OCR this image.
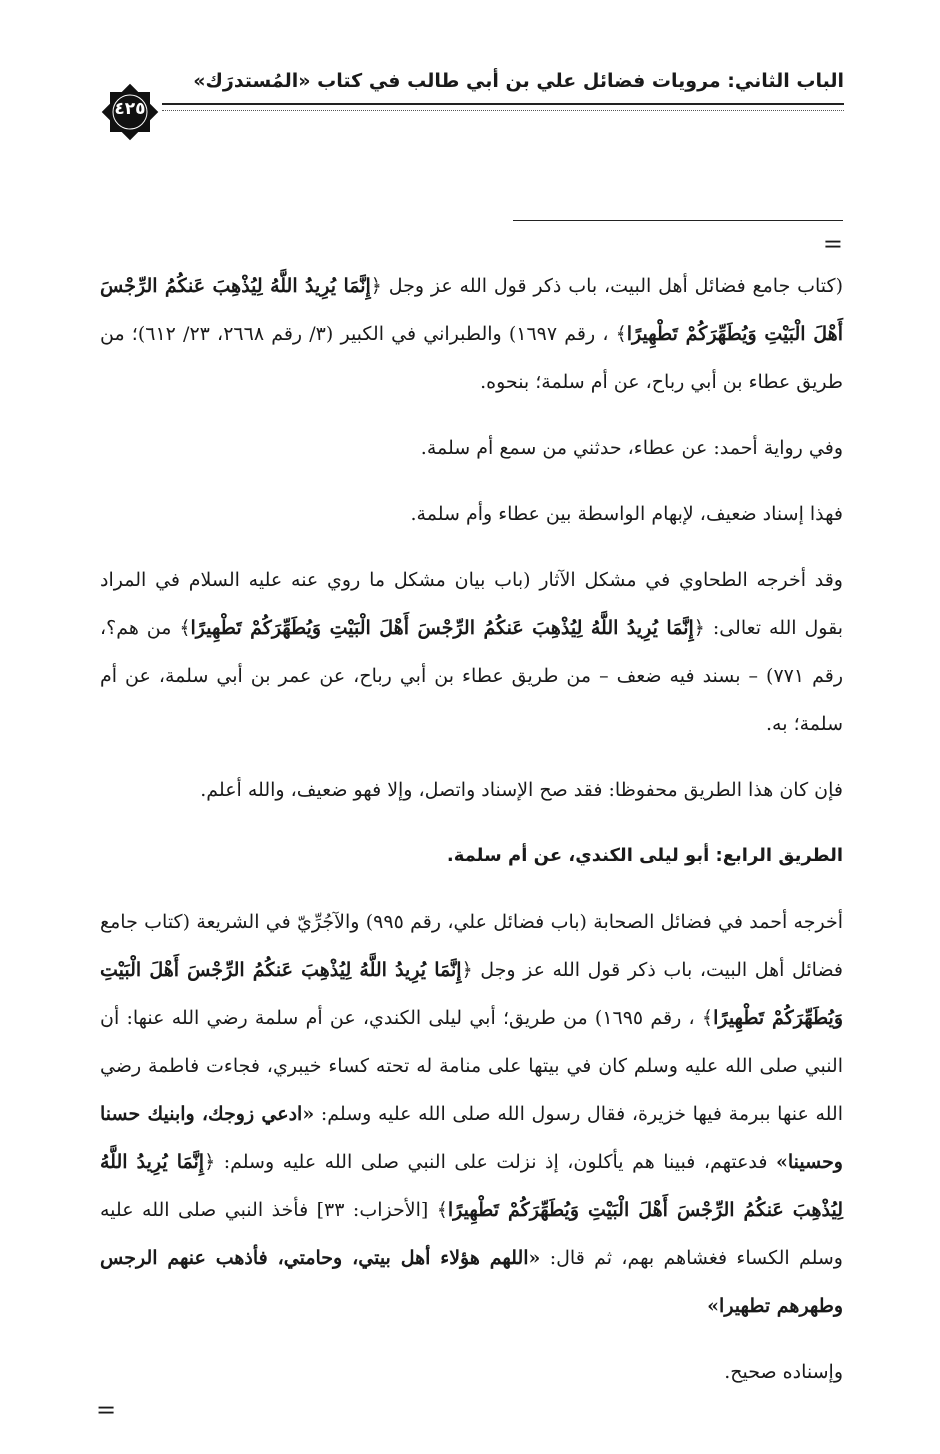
الباب الثاني: مرويات فضائل علي بن أبي طالب في كتاب «المُستدرَك»
٤٢٥
=

(كتاب جامع فضائل أهل البيت، باب ذكر قول الله عز وجل ﴿إِنَّمَا يُرِيدُ اللَّهُ لِيُذْهِبَ عَنكُمُ الرِّجْسَ أَهْلَ الْبَيْتِ وَيُطَهِّرَكُمْ تَطْهِيرًا﴾ ، رقم ١٦٩٧) والطبراني في الكبير (٣/ رقم ٢٦٦٨، ٢٣/ ٦١٢)؛ من طريق عطاء بن أبي رباح، عن أم سلمة؛ بنحوه.

وفي رواية أحمد: عن عطاء، حدثني من سمع أم سلمة.

فهذا إسناد ضعيف، لإبهام الواسطة بين عطاء وأم سلمة.

وقد أخرجه الطحاوي في مشكل الآثار (باب بيان مشكل ما روي عنه عليه السلام في المراد بقول الله تعالى: ﴿إِنَّمَا يُرِيدُ اللَّهُ لِيُذْهِبَ عَنكُمُ الرِّجْسَ أَهْلَ الْبَيْتِ وَيُطَهِّرَكُمْ تَطْهِيرًا﴾ من هم؟، رقم ٧٧١) – بسند فيه ضعف – من طريق عطاء بن أبي رباح، عن عمر بن أبي سلمة، عن أم سلمة؛ به.

فإن كان هذا الطريق محفوظا: فقد صح الإسناد واتصل، وإلا فهو ضعيف، والله أعلم.

الطريق الرابع: أبو ليلى الكندي، عن أم سلمة.

أخرجه أحمد في فضائل الصحابة (باب فضائل علي، رقم ٩٩٥) والآجُرِّيّ في الشريعة (كتاب جامع فضائل أهل البيت، باب ذكر قول الله عز وجل ﴿إِنَّمَا يُرِيدُ اللَّهُ لِيُذْهِبَ عَنكُمُ الرِّجْسَ أَهْلَ الْبَيْتِ وَيُطَهِّرَكُمْ تَطْهِيرًا﴾ ، رقم ١٦٩٥) من طريق؛ أبي ليلى الكندي، عن أم سلمة رضي الله عنها: أن النبي صلى الله عليه وسلم كان في بيتها على منامة له تحته كساء خيبري، فجاءت فاطمة رضي الله عنها ببرمة فيها خزيرة، فقال رسول الله صلى الله عليه وسلم: «ادعي زوجك، وابنيك حسنا وحسينا» فدعتهم، فبينا هم يأكلون، إذ نزلت على النبي صلى الله عليه وسلم: ﴿إِنَّمَا يُرِيدُ اللَّهُ لِيُذْهِبَ عَنكُمُ الرِّجْسَ أَهْلَ الْبَيْتِ وَيُطَهِّرَكُمْ تَطْهِيرًا﴾ [الأحزاب: ٣٣] فأخذ النبي صلى الله عليه وسلم الكساء فغشاهم بهم، ثم قال: «اللهم هؤلاء أهل بيتي، وحامتي، فأذهب عنهم الرجس وطهرهم تطهيرا»

وإسناده صحيح.

=
